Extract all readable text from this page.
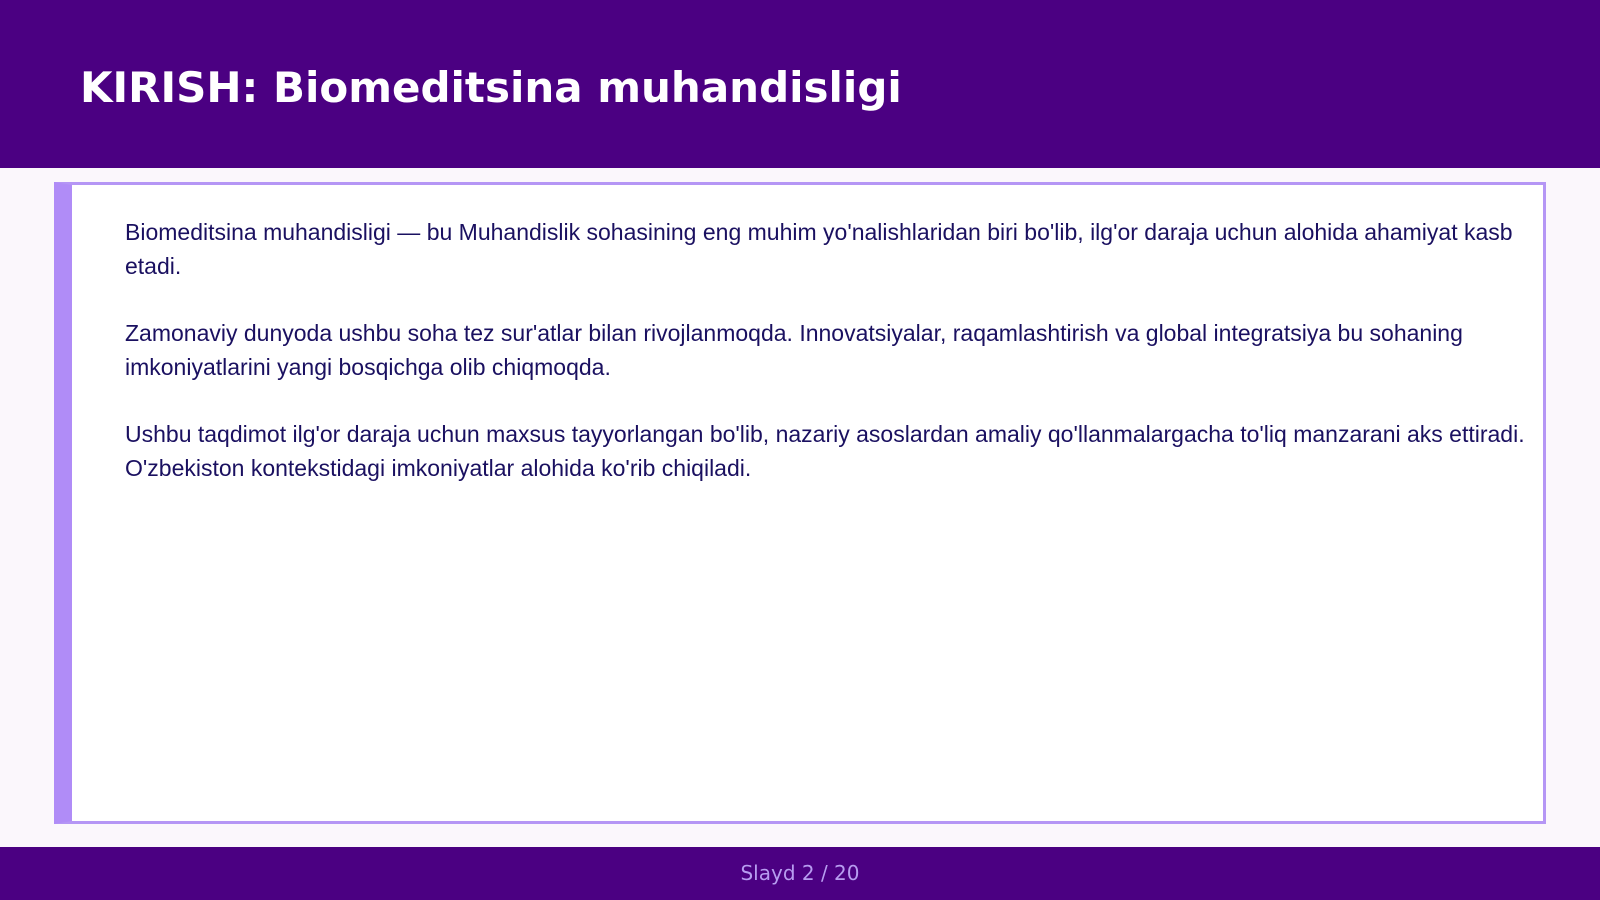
KIRISH: Biomeditsina muhandisligi

Biomeditsina muhandisligi — bu Muhandislik sohasining eng muhim yo'nalishlaridan biri bo'lib, ilg'or daraja uchun alohida ahamiyat kasb etadi.

Zamonaviy dunyoda ushbu soha tez sur'atlar bilan rivojlanmoqda. Innovatsiyalar, raqamlashtirish va global integratsiya bu sohaning imkoniyatlarini yangi bosqichga olib chiqmoqda.

Ushbu taqdimot ilg'or daraja uchun maxsus tayyorlangan bo'lib, nazariy asoslardan amaliy qo'llanmalargacha to'liq manzarani aks ettiradi. O'zbekiston kontekstidagi imkoniyatlar alohida ko'rib chiqiladi.

Slayd 2 / 20
